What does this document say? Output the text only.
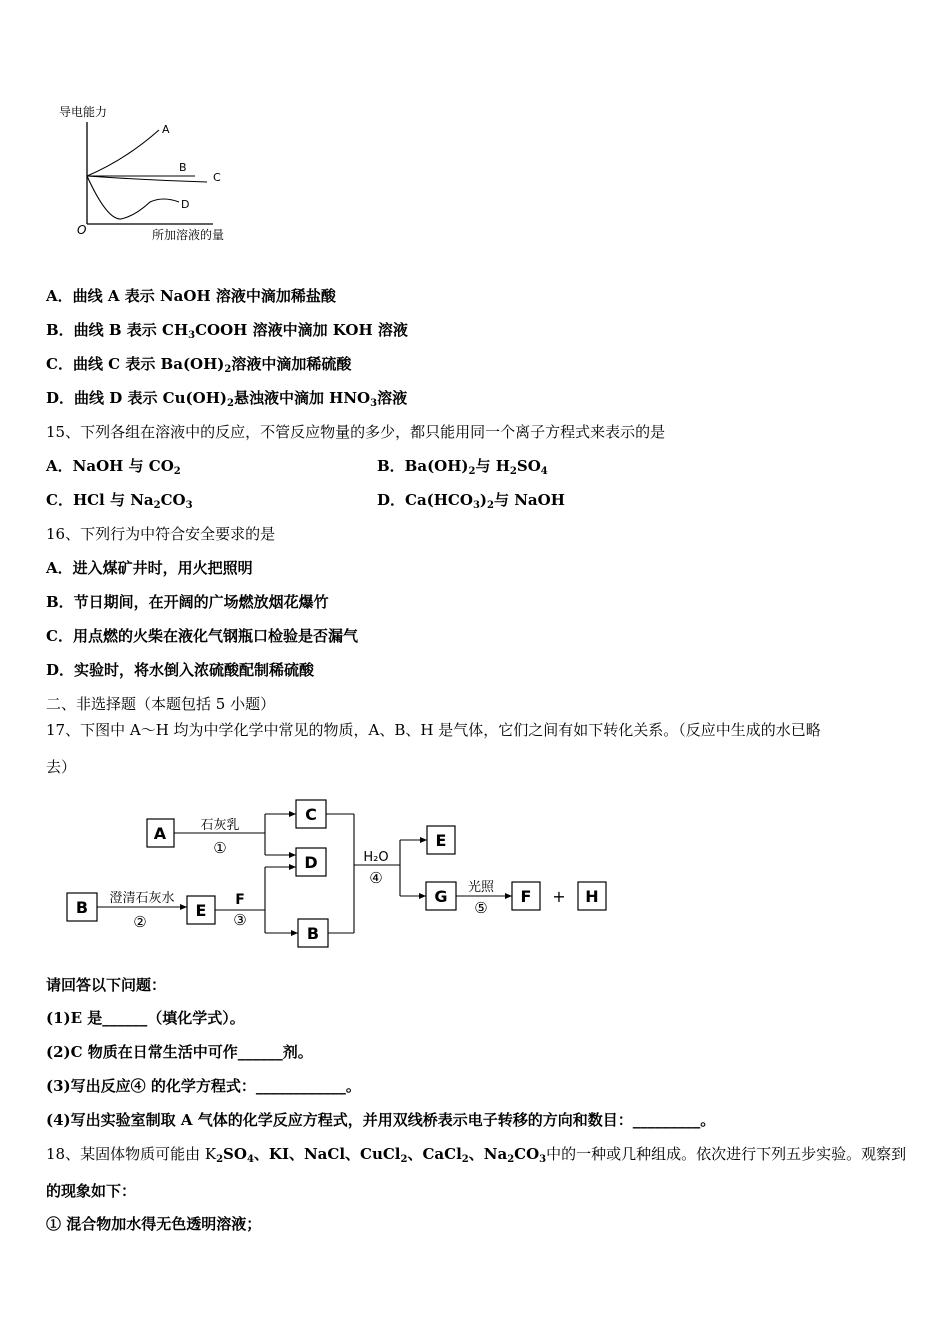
导电能力
O	所加溶液的量
A
B
C
D
A．曲线 A 表示 NaOH 溶液中滴加稀盐酸
B．曲线 B 表示 $CH_3COOH$ 溶液中滴加 KOH 溶液
C．曲线 C 表示 $Ba(OH)_2$溶液中滴加稀硫酸
D．曲线 D 表示 $Cu(OH)_2$悬浊液中滴加 $HNO_3$溶液
15、下列各组在溶液中的反应，不管反应物量的多少，都只能用同一个离子方程式来表示的是
A．NaOH 与 $CO_2$	B．$Ba(OH)_2$与 $H_2SO_4$
C．HCl 与 $Na_2CO_3$	D．$Ca(HCO_3)_2$与 NaOH
16、下列行为中符合安全要求的是
A．进入煤矿井时，用火把照明
B．节日期间，在开阔的广场燃放烟花爆竹
C．用点燃的火柴在液化气钢瓶口检验是否漏气
D．实验时，将水倒入浓硫酸配制稀硫酸
二、非选择题（本题包括 5 小题）
17、下图中 A～H 均为中学化学中常见的物质，A、B、H 是气体，它们之间有如下转化关系。（反应中生成的水已略
去）
A
C
D
B	E
B
E
G	F	H
石灰乳
①
澄清石灰水
②
F
③
H₂O
④
光照
⑤
+
请回答以下问题：
(1)E 是______（填化学式）。
(2)C 物质在日常生活中可作______剂。
(3)写出反应④ 的化学方程式：____________。
(4)写出实验室制取 A 气体的化学反应方程式，并用双线桥表示电子转移的方向和数目：_________。
18、某固体物质可能由 $K_2SO_4$、KI、NaCl、CuCl$_2$、CaCl$_2$、$Na_2CO_3$中的一种或几种组成。依次进行下列五步实验。观察到
的现象如下：
① 混合物加水得无色透明溶液；
